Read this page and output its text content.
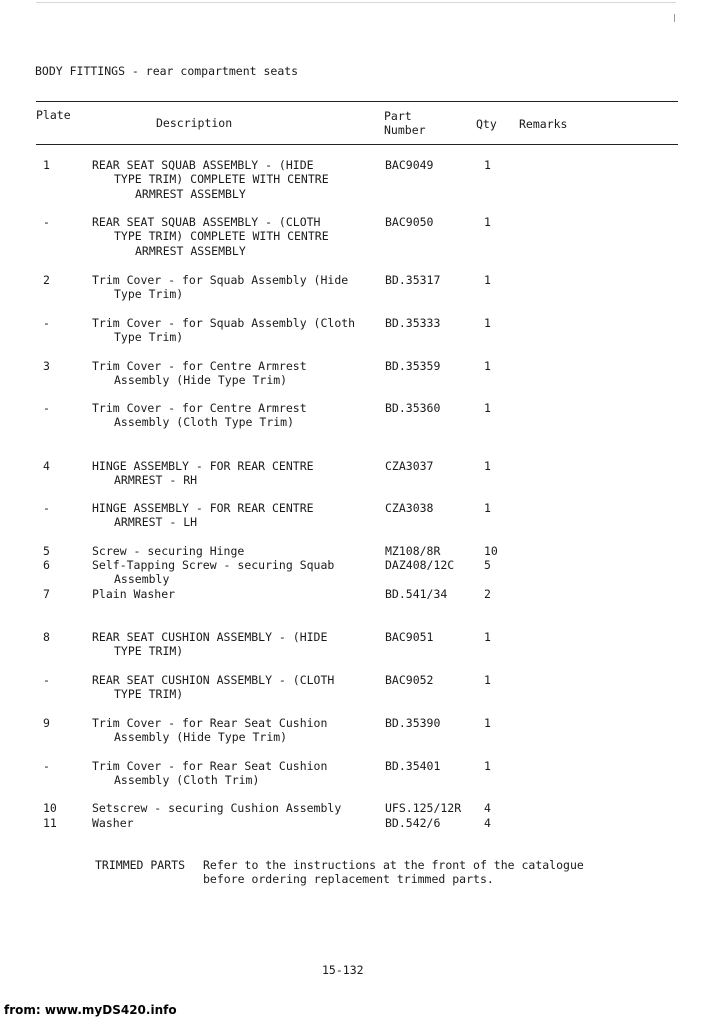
BODY FITTINGS - rear compartment seats
Plate
Description	Part
Number	Qty Remarks
1	REAR SEAT SQUAB ASSEMBLY - (HIDE
TYPE TRIM) COMPLETE WITH CENTRE
ARMREST ASSEMBLY
BAC9049	1
-	REAR SEAT SQUAB ASSEMBLY - (CLOTH
TYPE TRIM) COMPLETE WITH CENTRE
ARMREST ASSEMBLY
BAC9050	1
2	Trim Cover - for Squab Assembly (Hide
Type Trim)
BD.35317	1
-	Trim Cover - for Squab Assembly (Cloth
Type Trim)
BD.35333	1
3	Trim Cover - for Centre Armrest
Assembly (Hide Type Trim)
BD.35359	1
-	Trim Cover - for Centre Armrest
Assembly (Cloth Type Trim)
BD.35360	1
4	HINGE ASSEMBLY - FOR REAR CENTRE
ARMREST - RH
CZA3037	1
-	HINGE ASSEMBLY - FOR REAR CENTRE
ARMREST - LH
CZA3038	1
5	Screw - securing Hinge	MZ108/8R	10
6	Self-Tapping Screw - securing Squab
Assembly
DAZ408/12C	5
7	Plain Washer	BD.541/34	2
8	REAR SEAT CUSHION ASSEMBLY - (HIDE
TYPE TRIM)
BAC9051	1
-	REAR SEAT CUSHION ASSEMBLY - (CLOTH
TYPE TRIM)
BAC9052	1
9	Trim Cover - for Rear Seat Cushion
Assembly (Hide Type Trim)
BD.35390	1
-	Trim Cover - for Rear Seat Cushion
Assembly (Cloth Trim)
BD.35401	1
10	Setscrew - securing Cushion Assembly	UFS.125/12R 4
11	Washer	BD.542/6	4
TRIMMED PARTS Refer to the instructions at the front of the catalogue
before ordering replacement trimmed parts.
15-132
from: www.myDS420.info
